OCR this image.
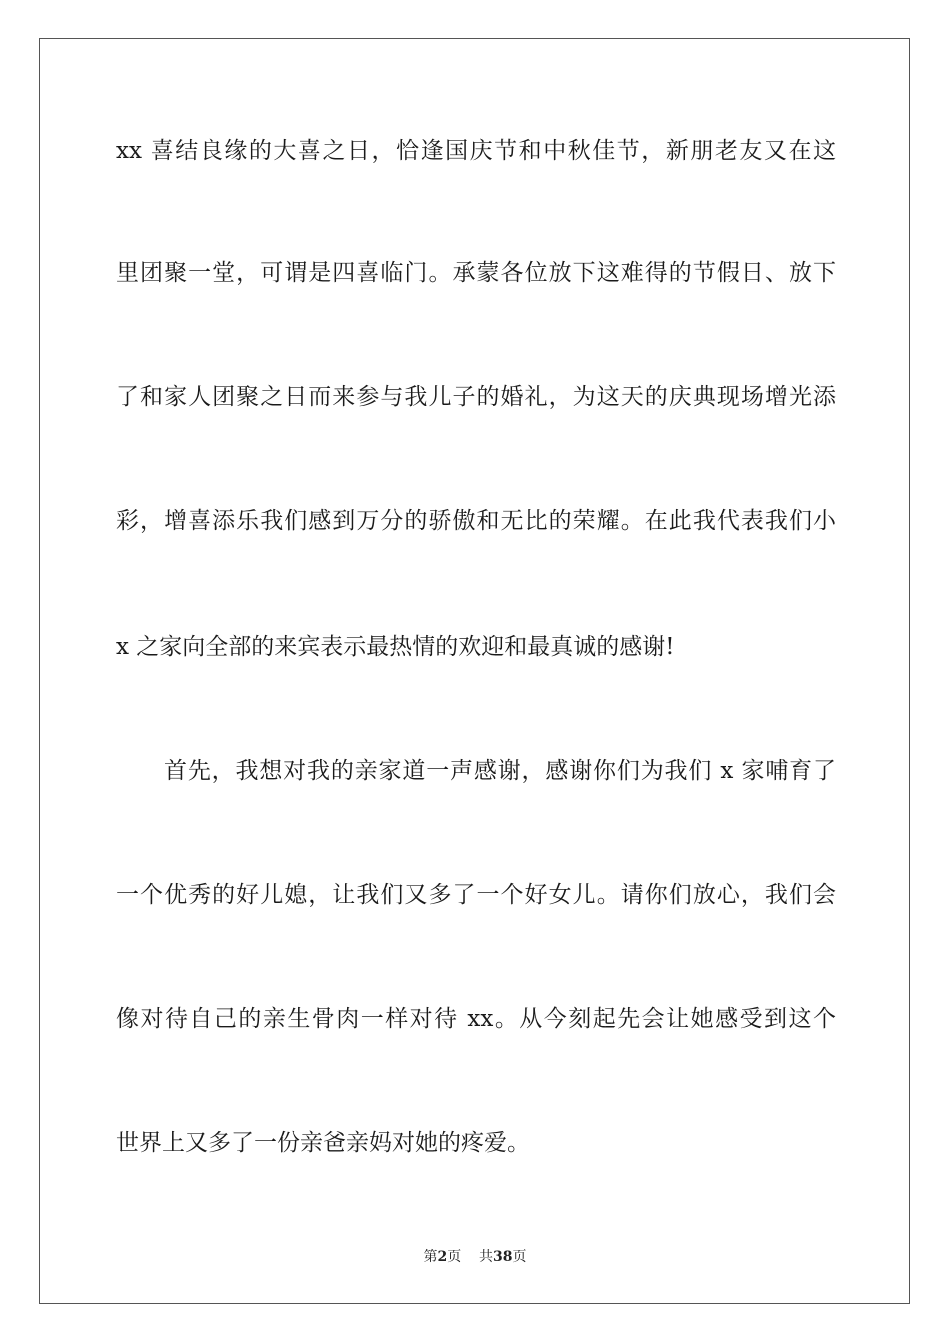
xx 喜结良缘的大喜之日，恰逢国庆节和中秋佳节，新朋老友又在这
里团聚一堂，可谓是四喜临门。承蒙各位放下这难得的节假日、放下
了和家人团聚之日而来参与我儿子的婚礼，为这天的庆典现场增光添
彩，增喜添乐我们感到万分的骄傲和无比的荣耀。在此我代表我们小
x 之家向全部的来宾表示最热情的欢迎和最真诚的感谢!
首先，我想对我的亲家道一声感谢，感谢你们为我们 x 家哺育了
一个优秀的好儿媳，让我们又多了一个好女儿。请你们放心，我们会
像对待自己的亲生骨肉一样对待 xx。从今刻起先会让她感受到这个
世界上又多了一份亲爸亲妈对她的疼爱。
第2页 共38页
